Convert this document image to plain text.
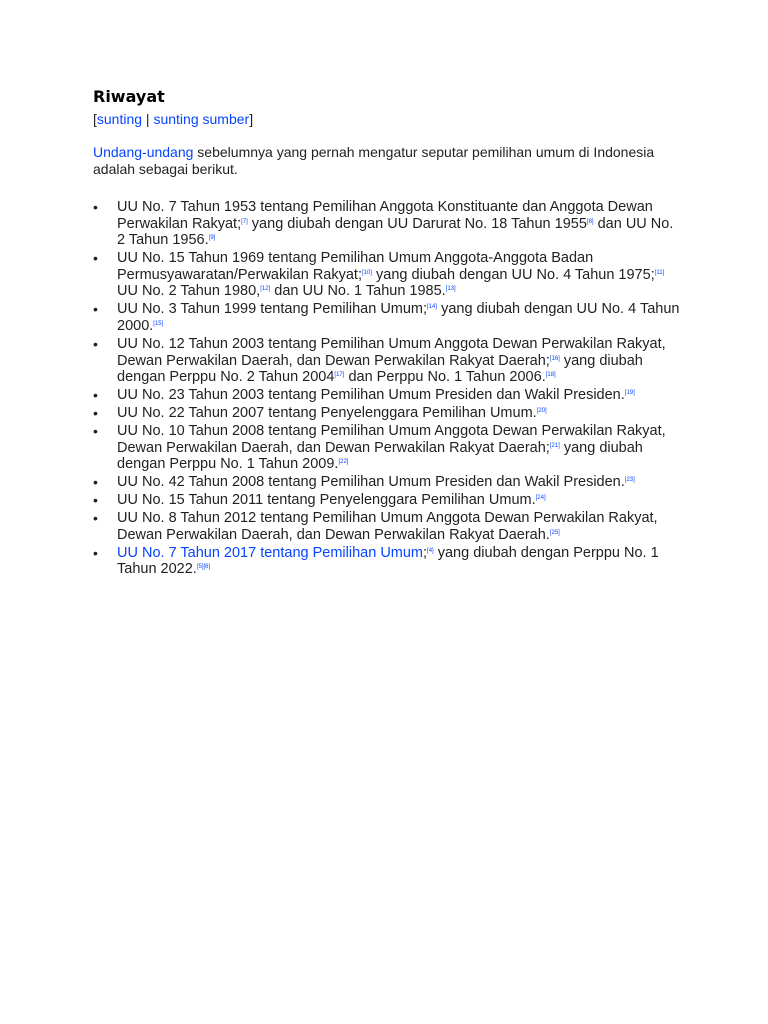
Riwayat
[sunting | sunting sumber]

Undang-undang sebelumnya yang pernah mengatur seputar pemilihan umum di Indonesia adalah sebagai berikut.

• UU No. 7 Tahun 1953 tentang Pemilihan Anggota Konstituante dan Anggota Dewan Perwakilan Rakyat;[7] yang diubah dengan UU Darurat No. 18 Tahun 1955[8] dan UU No. 2 Tahun 1956.[9]
• UU No. 15 Tahun 1969 tentang Pemilihan Umum Anggota-Anggota Badan Permusyawaratan/Perwakilan Rakyat;[10] yang diubah dengan UU No. 4 Tahun 1975;[11] UU No. 2 Tahun 1980,[12] dan UU No. 1 Tahun 1985.[13]
• UU No. 3 Tahun 1999 tentang Pemilihan Umum;[14] yang diubah dengan UU No. 4 Tahun 2000.[15]
• UU No. 12 Tahun 2003 tentang Pemilihan Umum Anggota Dewan Perwakilan Rakyat, Dewan Perwakilan Daerah, dan Dewan Perwakilan Rakyat Daerah;[16] yang diubah dengan Perppu No. 2 Tahun 2004[17] dan Perppu No. 1 Tahun 2006.[18]
• UU No. 23 Tahun 2003 tentang Pemilihan Umum Presiden dan Wakil Presiden.[19]
• UU No. 22 Tahun 2007 tentang Penyelenggara Pemilihan Umum.[20]
• UU No. 10 Tahun 2008 tentang Pemilihan Umum Anggota Dewan Perwakilan Rakyat, Dewan Perwakilan Daerah, dan Dewan Perwakilan Rakyat Daerah;[21] yang diubah dengan Perppu No. 1 Tahun 2009.[22]
• UU No. 42 Tahun 2008 tentang Pemilihan Umum Presiden dan Wakil Presiden.[23]
• UU No. 15 Tahun 2011 tentang Penyelenggara Pemilihan Umum.[24]
• UU No. 8 Tahun 2012 tentang Pemilihan Umum Anggota Dewan Perwakilan Rakyat, Dewan Perwakilan Daerah, dan Dewan Perwakilan Rakyat Daerah.[25]
• UU No. 7 Tahun 2017 tentang Pemilihan Umum;[4] yang diubah dengan Perppu No. 1 Tahun 2022.[5][6]
